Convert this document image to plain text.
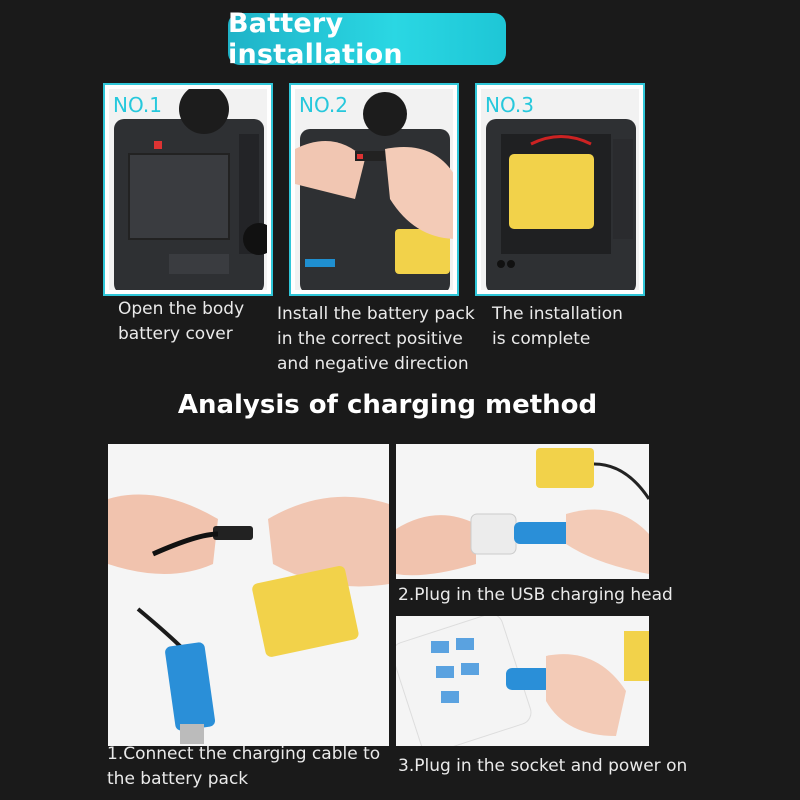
Battery installation
NO.1	NO.2	NO.3
Open the body
battery cover
Install the battery pack
in the correct positive
and negative direction
The installation
is complete
Analysis of charging method
1.Connect the charging cable to
the battery pack
2.Plug in the USB charging head
3.Plug in the socket and power on
